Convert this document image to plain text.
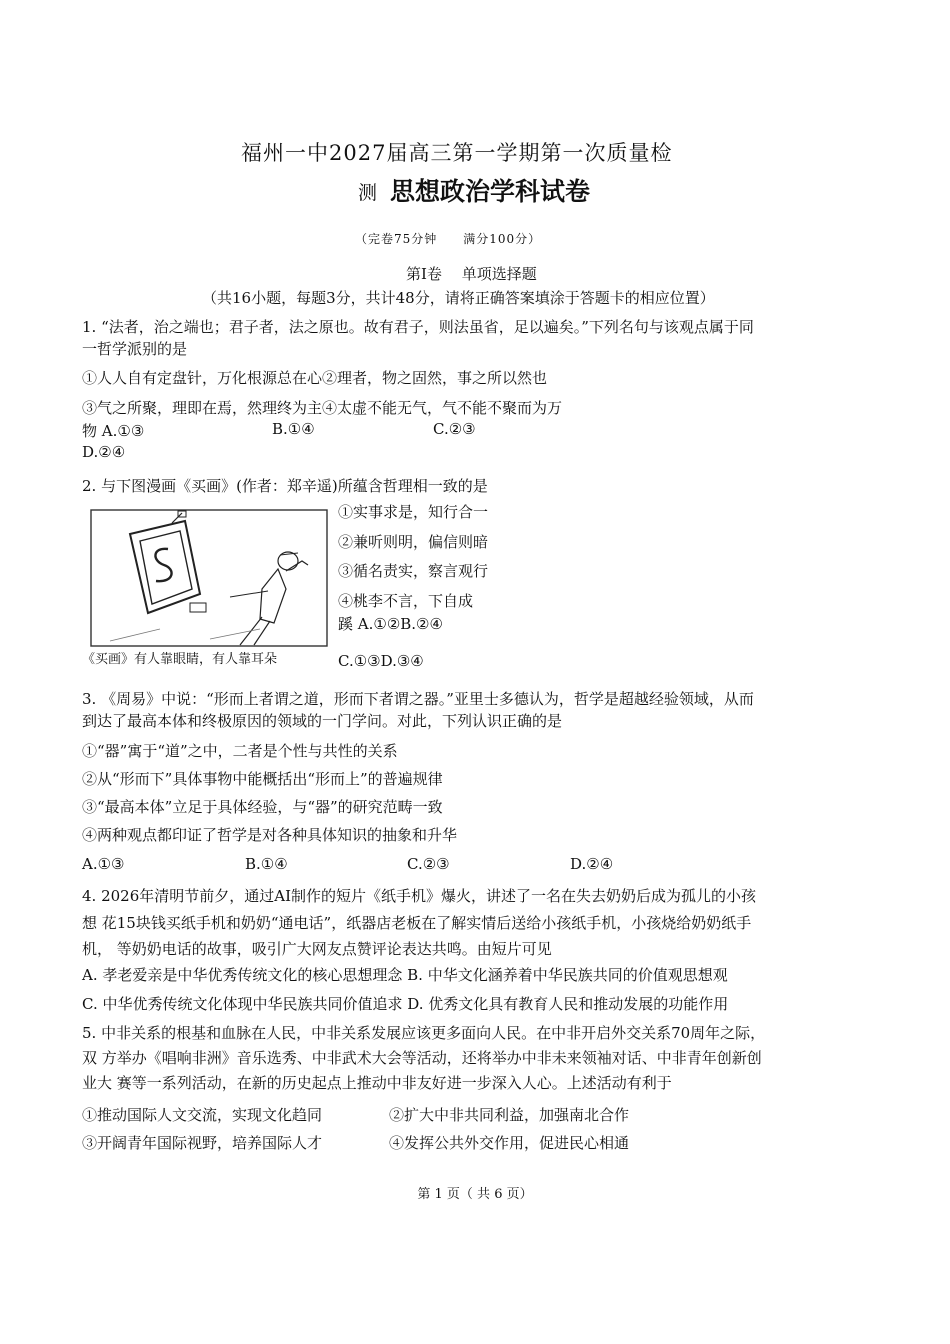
福州一中2027届高三第一学期第一次质量检
测 思想政治学科试卷
（完卷75分钟　　满分100分）
第Ⅰ卷　 单项选择题
（共16小题，每题3分，共计48分，请将正确答案填涂于答题卡的相应位置）
1. “法者，治之端也；君子者，法之原也。故有君子，则法虽省，足以遍矣。”下列名句与该观点属于同
一哲学派别的是
①人人自有定盘针，万化根源总在心②理者，物之固然，事之所以然也
③气之所聚，理即在焉，然理终为主④太虚不能无气，气不能不聚而为万
物 A.①③	B.①④	C.②③
D.②④
2. 与下图漫画《买画》(作者：郑辛遥)所蕴含哲理相一致的是
①实事求是，知行合一
②兼听则明，偏信则暗
③循名责实，察言观行
④桃李不言，下自成
蹊 A.①②B.②④
C.①③D.③④
3. 《周易》中说：“形而上者谓之道，形而下者谓之器。”亚里士多德认为，哲学是超越经验领域，从而
到达了最高本体和终极原因的领域的一门学问。对此，下列认识正确的是
①“器”寓于“道”之中，二者是个性与共性的关系
②从“形而下”具体事物中能概括出“形而上”的普遍规律
③“最高本体”立足于具体经验，与“器”的研究范畴一致
④两种观点都印证了哲学是对各种具体知识的抽象和升华
A.①③	B.①④	C.②③	D.②④
4. 2026年清明节前夕，通过AI制作的短片《纸手机》爆火，讲述了一名在失去奶奶后成为孤儿的小孩
想 花15块钱买纸手机和奶奶“通电话”，纸器店老板在了解实情后送给小孩纸手机，小孩烧给奶奶纸手
机， 等奶奶电话的故事，吸引广大网友点赞评论表达共鸣。由短片可见
A. 孝老爱亲是中华优秀传统文化的核心思想理念 B. 中华文化涵养着中华民族共同的价值观思想观
C. 中华优秀传统文化体现中华民族共同价值追求 D. 优秀文化具有教育人民和推动发展的功能作用
5. 中非关系的根基和血脉在人民，中非关系发展应该更多面向人民。在中非开启外交关系70周年之际，
双 方举办《唱响非洲》音乐选秀、中非武术大会等活动，还将举办中非未来领袖对话、中非青年创新创
业大 赛等一系列活动，在新的历史起点上推动中非友好进一步深入人心。上述活动有利于
①推动国际人文交流，实现文化趋同	②扩大中非共同利益，加强南北合作
③开阔青年国际视野，培养国际人才	④发挥公共外交作用，促进民心相通
《买画》有人靠眼睛，有人靠耳朵
第 1 页（ 共 6 页）
